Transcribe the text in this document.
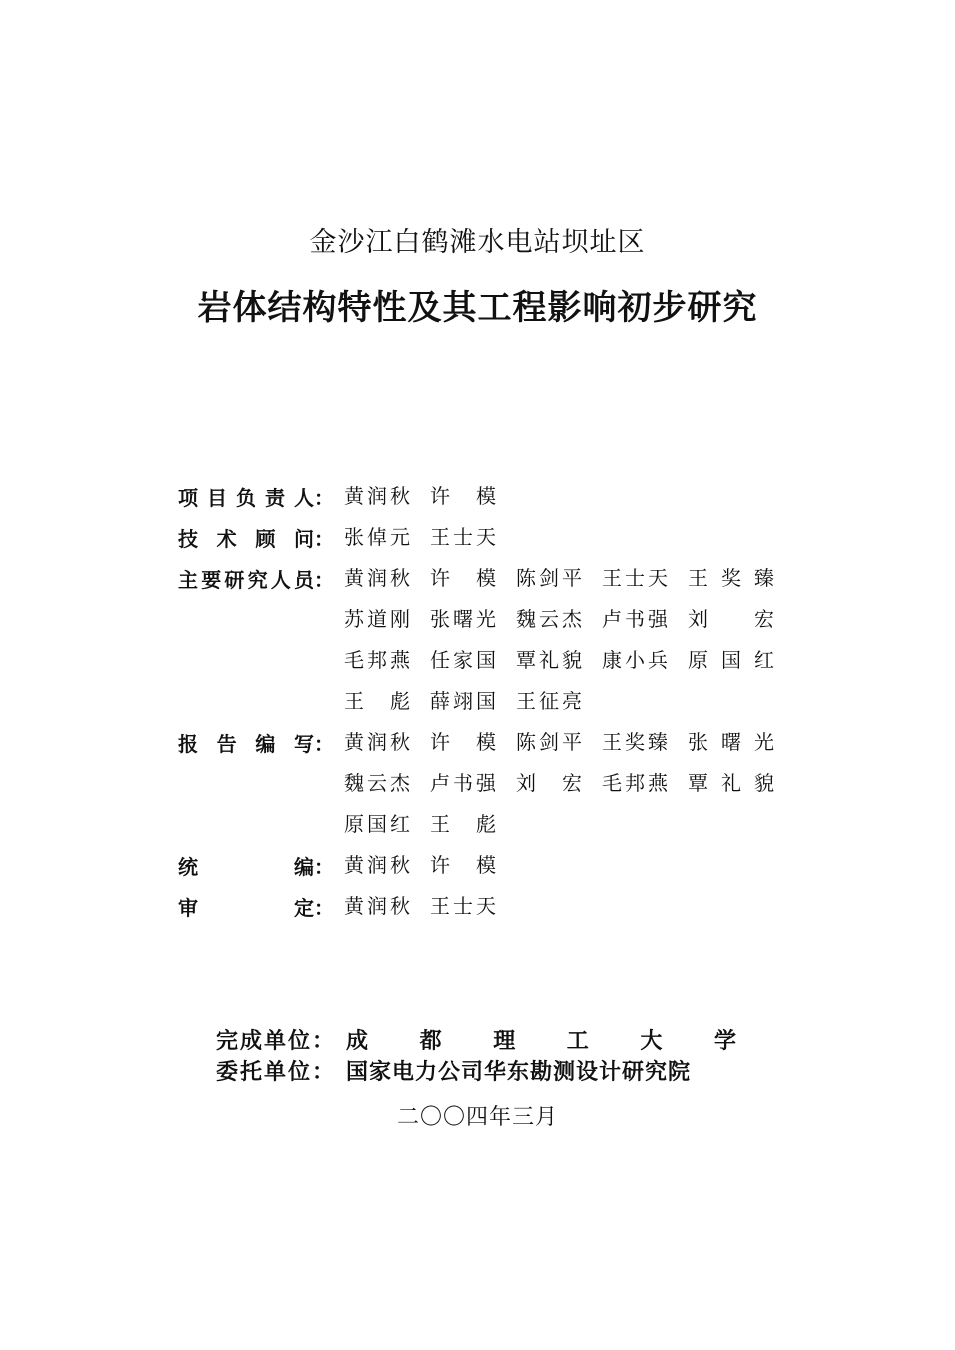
金沙江白鹤滩水电站坝址区
岩体结构特性及其工程影响初步研究
项 目 负 责 人 ： 黄润秋	许　模
技 术 顾 问 ： 张倬元	王士天
主 要 研 究 人 员 ： 黄润秋	许　模	陈剑平	王士天	王奖臻
苏道刚	张曙光	魏云杰	卢书强	刘　宏
毛邦燕	任家国	覃礼貌	康小兵	原国红
王　彪	薛翊国	王征亮
报 告 编 写 ： 黄润秋	许　模	陈剑平	王奖臻	张曙光
魏云杰	卢书强	刘　宏	毛邦燕	覃礼貌
原国红	王　彪
统	编 ： 黄润秋	许　模
审	定 ： 黄润秋	王士天
完成单位： 成都理工大学
委托单位： 国家电力公司华东勘测设计研究院
二〇〇四年三月
